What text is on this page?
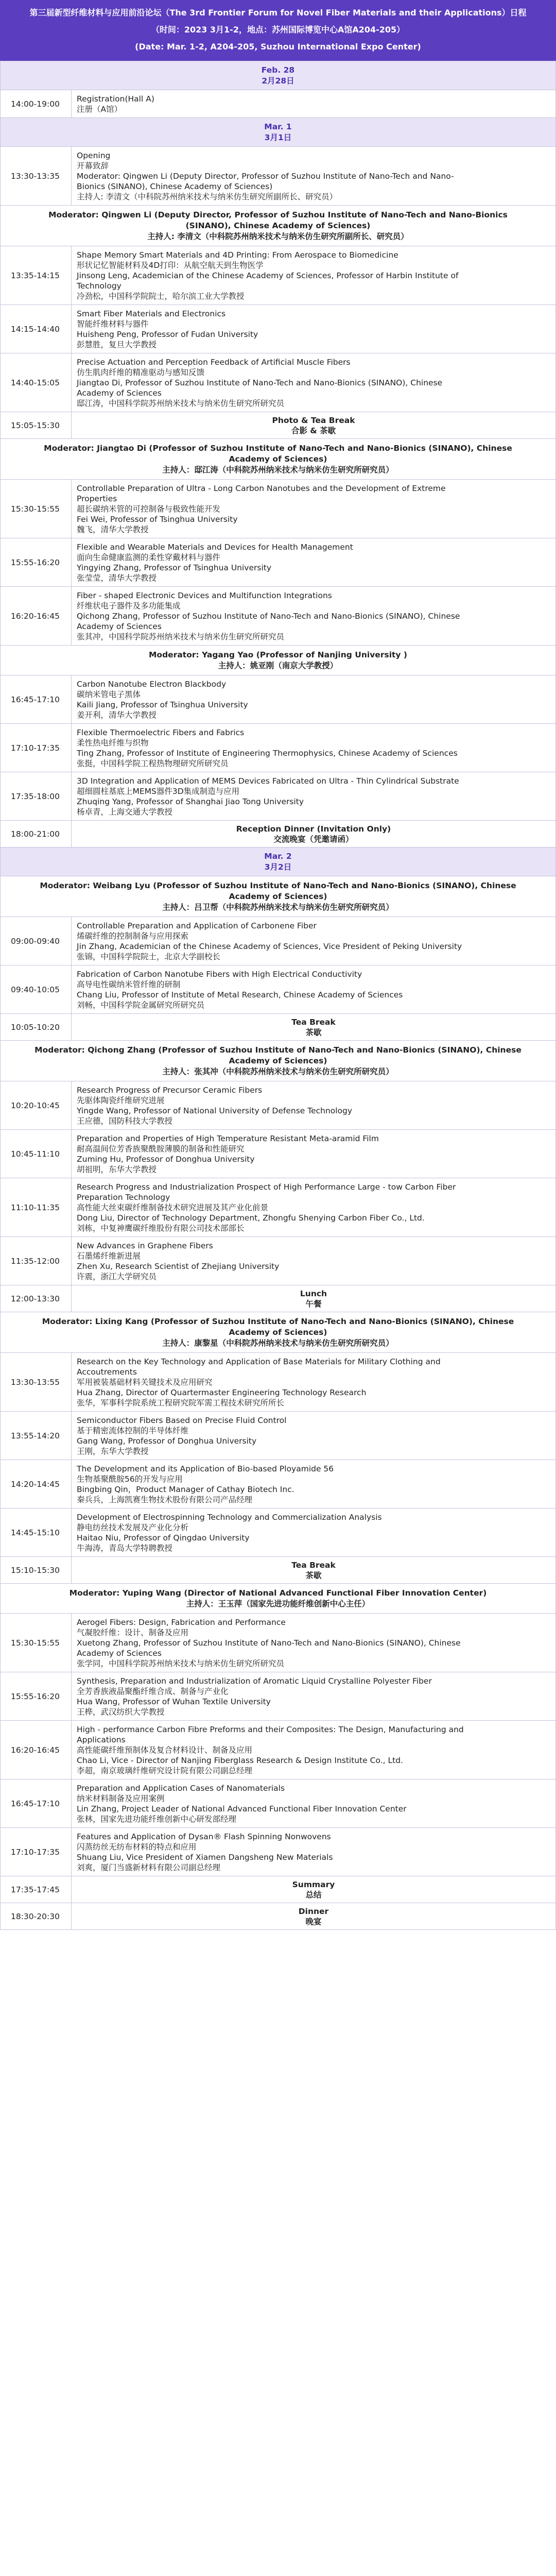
第三届新型纤维材料与应用前沿论坛（The 3rd Frontier Forum for Novel Fiber Materials and their Applications）日程
（时间：2023 3月1-2，地点：苏州国际博览中心A馆A204-205）
(Date: Mar. 1-2, A204-205, Suzhou International Expo Center)
Feb. 28
2月28日	

14:00-19:00	Registration(Hall A)
注册（A馆）

Mar. 1
3月1日	

13:30-13:35	Opening
开幕致辞
Moderator: Qingwen Li (Deputy Director, Professor of Suzhou Institute of Nano-Tech and Nano-
Bionics (SINANO), Chinese Academy of Sciences)
主持人: 李清文（中科院苏州纳米技术与纳米仿生研究所副所长、研究员）

Moderator: Qingwen Li (Deputy Director, Professor of Suzhou Institute of Nano-Tech and Nano-Bionics
(SINANO), Chinese Academy of Sciences)
主持人: 李清文（中科院苏州纳米技术与纳米仿生研究所副所长、研究员）	

13:35-14:15	Shape Memory Smart Materials and 4D Printing: From Aerospace to Biomedicine
形状记忆智能材料及4D打印：从航空航天到生物医学
Jinsong Leng, Academician of the Chinese Academy of Sciences, Professor of Harbin Institute of
Technology
冷劲松，中国科学院院士，哈尔滨工业大学教授

14:15-14:40	Smart Fiber Materials and Electronics
智能纤维材料与器件
Huisheng Peng, Professor of Fudan University
彭慧胜，复旦大学教授

14:40-15:05	Precise Actuation and Perception Feedback of Artificial Muscle Fibers
仿生肌肉纤维的精准驱动与感知反馈
Jiangtao Di, Professor of Suzhou Institute of Nano-Tech and Nano-Bionics (SINANO), Chinese
Academy of Sciences
邸江涛，中国科学院苏州纳米技术与纳米仿生研究所研究员

15:05-15:30	Photo & Tea Break
合影 & 茶歇

Moderator: Jiangtao Di (Professor of Suzhou Institute of Nano-Tech and Nano-Bionics (SINANO), Chinese
Academy of Sciences)
主持人：邸江涛（中科院苏州纳米技术与纳米仿生研究所研究员）	

15:30-15:55	Controllable Preparation of Ultra - Long Carbon Nanotubes and the Development of Extreme
Properties
超长碳纳米管的可控制备与极致性能开发
Fei Wei, Professor of Tsinghua University
魏飞，清华大学教授

15:55-16:20	Flexible and Wearable Materials and Devices for Health Management
面向生命健康监测的柔性穿戴材料与器件
Yingying Zhang, Professor of Tsinghua University
张莹莹，清华大学教授

16:20-16:45	Fiber - shaped Electronic Devices and Multifunction Integrations
纤维状电子器件及多功能集成
Qichong Zhang, Professor of Suzhou Institute of Nano-Tech and Nano-Bionics (SINANO), Chinese
Academy of Sciences
张其冲，中国科学院苏州纳米技术与纳米仿生研究所研究员

Moderator: Yagang Yao (Professor of Nanjing University )
主持人：姚亚刚（南京大学教授）	

16:45-17:10	Carbon Nanotube Electron Blackbody
碳纳米管电子黑体
Kaili Jiang, Professor of Tsinghua University
姜开利，清华大学教授

17:10-17:35	Flexible Thermoelectric Fibers and Fabrics
柔性热电纤维与织物
Ting Zhang, Professor of Institute of Engineering Thermophysics, Chinese Academy of Sciences
张挺，中国科学院工程热物理研究所研究员

17:35-18:00	3D Integration and Application of MEMS Devices Fabricated on Ultra - Thin Cylindrical Substrate
超细圆柱基底上MEMS器件3D集成制造与应用
Zhuqing Yang, Professor of Shanghai Jiao Tong University
杨卓青，上海交通大学教授

18:00-21:00	Reception Dinner (Invitation Only)
交流晚宴（凭邀请函）

Mar. 2
3月2日	

Moderator: Weibang Lyu (Professor of Suzhou Institute of Nano-Tech and Nano-Bionics (SINANO), Chinese
Academy of Sciences)
主持人：吕卫帮（中科院苏州纳米技术与纳米仿生研究所研究员）	

09:00-09:40	Controllable Preparation and Application of Carbonene Fiber
烯碳纤维的控制制备与应用探索
Jin Zhang, Academician of the Chinese Academy of Sciences, Vice President of Peking University
张锦，中国科学院院士，北京大学副校长

09:40-10:05	Fabrication of Carbon Nanotube Fibers with High Electrical Conductivity
高导电性碳纳米管纤维的研制
Chang Liu, Professor of Institute of Metal Research, Chinese Academy of Sciences
刘畅，中国科学院金属研究所研究员

10:05-10:20	Tea Break
茶歇

Moderator: Qichong Zhang (Professor of Suzhou Institute of Nano-Tech and Nano-Bionics (SINANO), Chinese
Academy of Sciences)
主持人：张其冲（中科院苏州纳米技术与纳米仿生研究所研究员）	

10:20-10:45	Research Progress of Precursor Ceramic Fibers
先驱体陶瓷纤维研究进展
Yingde Wang, Professor of National University of Defense Technology
王应德，国防科技大学教授

10:45-11:10	Preparation and Properties of High Temperature Resistant Meta-aramid Film
耐高温间位芳香族聚酰胺薄膜的制备和性能研究
Zuming Hu, Professor of Donghua University
胡祖明，东华大学教授

11:10-11:35	Research Progress and Industrialization Prospect of High Performance Large - tow Carbon Fiber
Preparation Technology
高性能大丝束碳纤维制备技术研究进展及其产业化前景
Dong Liu, Director of Technology Department, Zhongfu Shenying Carbon Fiber Co., Ltd.
刘栋，中复神鹰碳纤维股份有限公司技术部部长

11:35-12:00	New Advances in Graphene Fibers
石墨烯纤维新进展
Zhen Xu, Research Scientist of Zhejiang University
许震，浙江大学研究员

12:00-13:30	Lunch
午餐

Moderator: Lixing Kang (Professor of Suzhou Institute of Nano-Tech and Nano-Bionics (SINANO), Chinese
Academy of Sciences)
主持人：康黎星（中科院苏州纳米技术与纳米仿生研究所研究员）	

13:30-13:55	Research on the Key Technology and Application of Base Materials for Military Clothing and
Accoutrements
军用被装基础材料关键技术及应用研究
Hua Zhang, Director of Quartermaster Engineering Technology Research
张华，军事科学院系统工程研究院军需工程技术研究所所长

13:55-14:20	Semiconductor Fibers Based on Precise Fluid Control
基于精密流体控制的半导体纤维
Gang Wang, Professor of Donghua University
王刚，东华大学教授

14:20-14:45	The Development and its Application of Bio-based Ployamide 56
生物基聚酰胺56的开发与应用
Bingbing Qin，Product Manager of Cathay Biotech Inc.
秦兵兵，上海凯赛生物技术股份有限公司产品经理

14:45-15:10	Development of Electrospinning Technology and Commercialization Analysis
静电纺丝技术发展及产业化分析
Haitao Niu, Professor of Qingdao University
牛海涛，青岛大学特聘教授

15:10-15:30	Tea Break
茶歇

Moderator: Yuping Wang (Director of National Advanced Functional Fiber Innovation Center)
主持人：王玉萍（国家先进功能纤维创新中心主任）	

15:30-15:55	Aerogel Fibers: Design, Fabrication and Performance
气凝胶纤维：设计、制备及应用
Xuetong Zhang, Professor of Suzhou Institute of Nano-Tech and Nano-Bionics (SINANO), Chinese
Academy of Sciences
张学同，中国科学院苏州纳米技术与纳米仿生研究所研究员

15:55-16:20	Synthesis, Preparation and Industrialization of Aromatic Liquid Crystalline Polyester Fiber
全芳香族液晶聚酯纤维合成、制备与产业化
Hua Wang, Professor of Wuhan Textile University
王桦，武汉纺织大学教授

16:20-16:45	High - performance Carbon Fibre Preforms and their Composites: The Design, Manufacturing and
Applications
高性能碳纤维预制体及复合材料设计、制备及应用
Chao Li, Vice - Director of Nanjing Fiberglass Research & Design Institute Co., Ltd.
李超，南京玻璃纤维研究设计院有限公司副总经理

16:45-17:10	Preparation and Application Cases of Nanomaterials
纳米材料制备及应用案例
Lin Zhang, Project Leader of National Advanced Functional Fiber Innovation Center
张林，国家先进功能纤维创新中心研发部经理

17:10-17:35	Features and Application of Dysan® Flash Spinning Nonwovens
闪蒸纺丝无纺布材料的特点和应用
Shuang Liu, Vice President of Xiamen Dangsheng New Materials
刘爽，厦门当盛新材料有限公司副总经理

17:35-17:45	Summary
总结

18:30-20:30	Dinner
晚宴
